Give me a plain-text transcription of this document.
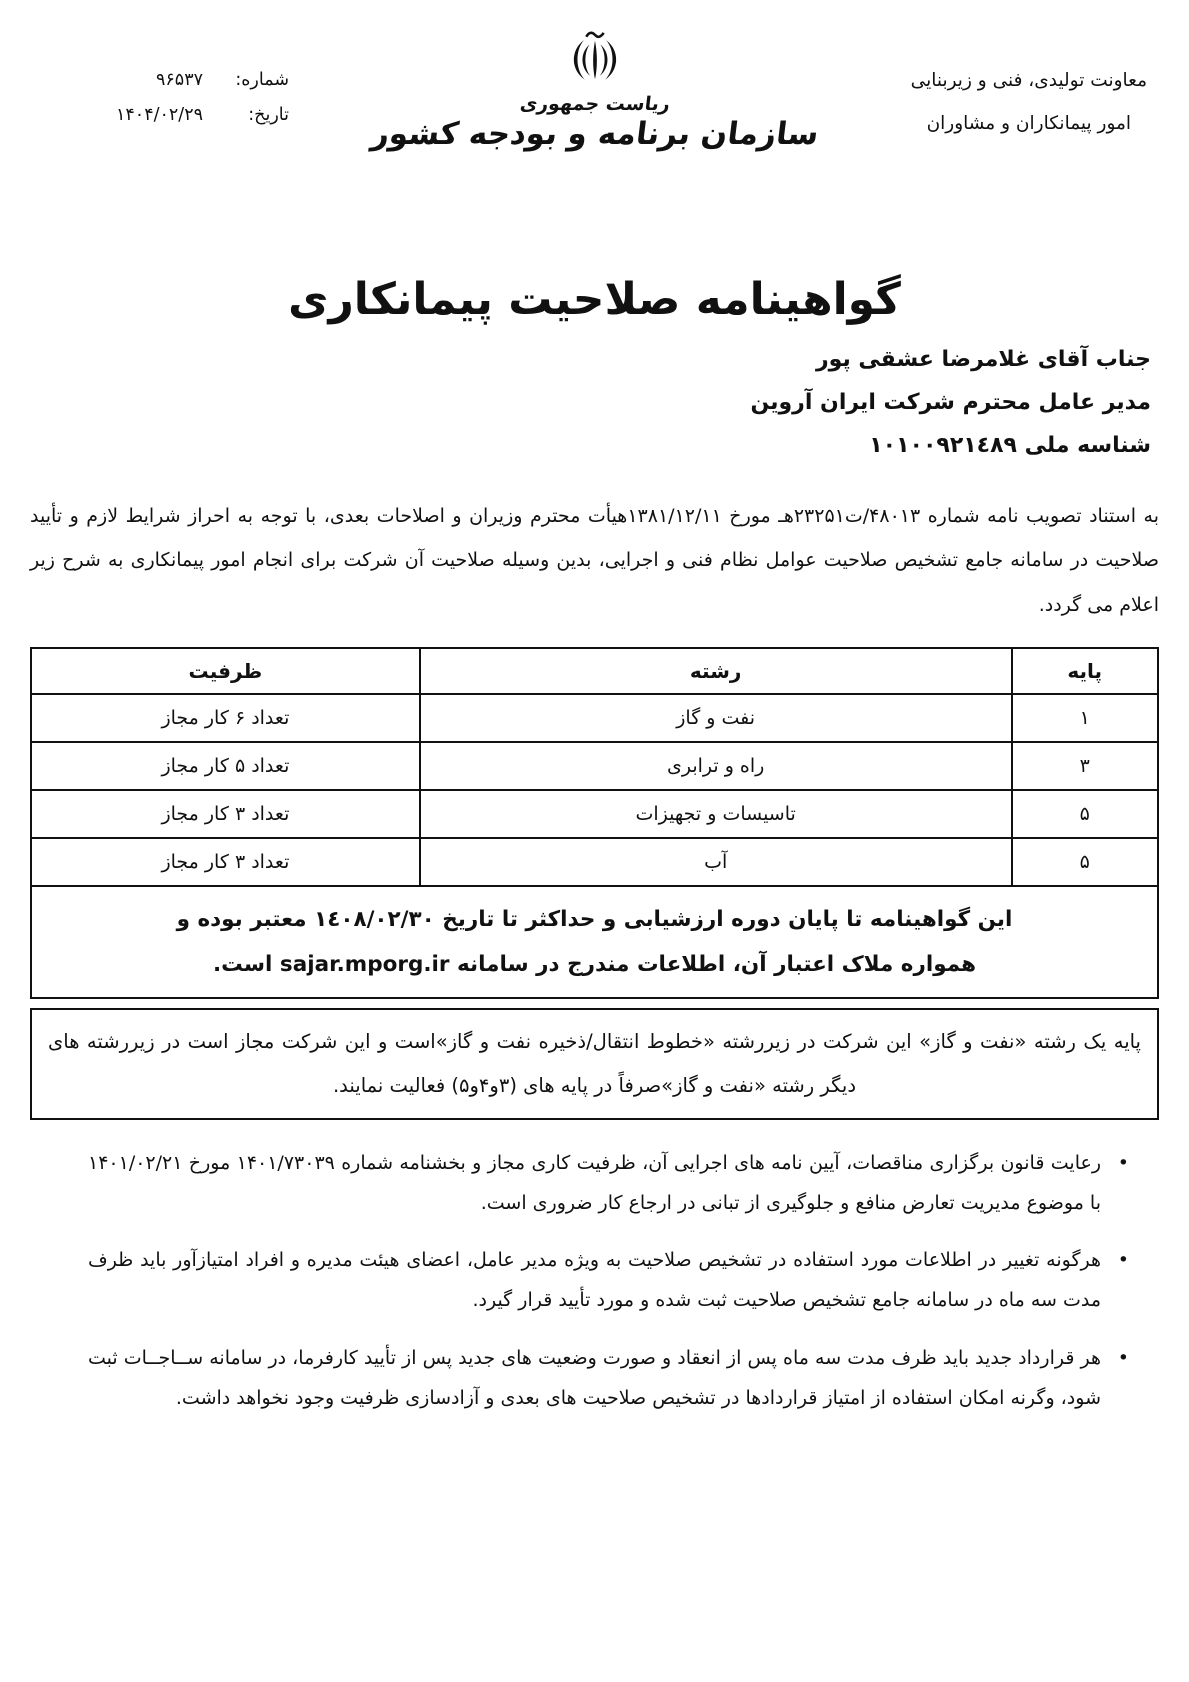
معاونت تولیدی، فنی و زیربنایی
امور پیمانکاران و مشاوران
ریاست جمهوری
سازمان برنامه و بودجه کشور
شماره:
۹۶۵۳۷
تاریخ:
۱۴۰۴/۰۲/۲۹
گواهینامه صلاحیت پیمانکاری
جناب آقای غلامرضا عشقی پور
مدیر عامل محترم شرکت ایران آروین
شناسه ملی ۱۰۱۰۰۹۲۱٤۸۹

به استناد تصویب نامه شماره ۴۸۰۱۳/ت۲۳۲۵۱هـ مورخ ۱۳۸۱/۱۲/۱۱هیأت محترم وزیران و اصلاحات بعدی، با توجه به احراز شرایط لازم و تأیید صلاحیت در سامانه جامع تشخیص صلاحیت عوامل نظام فنی و اجرایی، بدین وسیله صلاحیت آن شرکت برای انجام امور پیمانکاری به شرح زیر اعلام می گردد.

پایه	رشته	ظرفیت
۱	نفت و گاز	تعداد ۶ کار مجاز
۳	راه و ترابری	تعداد ۵ کار مجاز
۵	تاسیسات و تجهیزات	تعداد ۳ کار مجاز
۵	آب	تعداد ۳ کار مجاز

این گواهینامه تا پایان دوره ارزشیابی و حداکثر تا تاریخ ۱٤۰۸/۰۲/۳۰ معتبر بوده و
همواره ملاک اعتبار آن، اطلاعات مندرج در سامانه sajar.mporg.ir است.		
پایه یک رشته «نفت و گاز» این شرکت در زیررشته «خطوط انتقال/ذخیره نفت و گاز»است و این شرکت مجاز است در زیررشته های دیگر رشته «نفت و گاز»صرفاً در پایه های (۳و۴و۵) فعالیت نمایند.
•
رعایت قانون برگزاری مناقصات، آیین نامه های اجرایی آن، ظرفیت کاری مجاز و بخشنامه شماره ۱۴۰۱/۷۳۰۳۹ مورخ ۱۴۰۱/۰۲/۲۱ با موضوع مدیریت تعارض منافع و جلوگیری از تبانی در ارجاع کار ضروری است.
•
هرگونه تغییر در اطلاعات مورد استفاده در تشخیص صلاحیت به ویژه مدیر عامل، اعضای هیئت مدیره و افراد امتیازآور باید ظرف مدت سه ماه در سامانه جامع تشخیص صلاحیت ثبت شده و مورد تأیید قرار گیرد.
•
هر قرارداد جدید باید ظرف مدت سه ماه پس از انعقاد و صورت وضعیت های جدید پس از تأیید کارفرما، در سامانه ســاجــات ثبت شود، وگرنه امکان استفاده از امتیاز قراردادها در تشخیص صلاحیت های بعدی و آزادسازی ظرفیت وجود نخواهد داشت.
